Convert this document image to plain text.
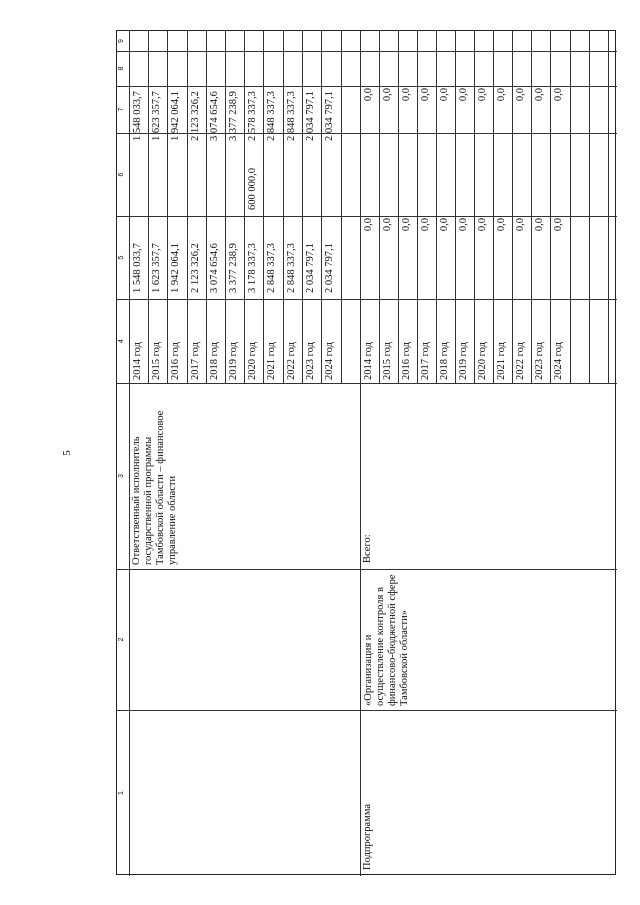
5
1
2
3
4
5
6
7
8
9
Ответственный исполнитель государственной программы Тамбовской области – финансовое управление области
2014 год
1 548 033,7
1 548 033,7
2015 год
1 623 357,7
1 623 357,7
2016 год
1 942 064,1
1 942 064,1
2017 год
2 123 326,2
2 123 326,2
2018 год
3 074 654,6
3 074 654,6
2019 год
3 377 238,9
3 377 238,9
2020 год
3 178 337,3
600 000,0
2 578 337,3
2021 год
2 848 337,3
2 848 337,3
2022 год
2 848 337,3
2 848 337,3
2023 год
2 034 797,1
2 034 797,1
2024 год
2 034 797,1
2 034 797,1
Подпрограмма
«Организация и осуществление контроля в финансово-бюджетной сфере Тамбовской области»
Всего:
2014 год
0,0
0,0
2015 год
0,0
0,0
2016 год
0,0
0,0
2017 год
0,0
0,0
2018 год
0,0
0,0
2019 год
0,0
0,0
2020 год
0,0
0,0
2021 год
0,0
0,0
2022 год
0,0
0,0
2023 год
0,0
0,0
2024 год
0,0
0,0
